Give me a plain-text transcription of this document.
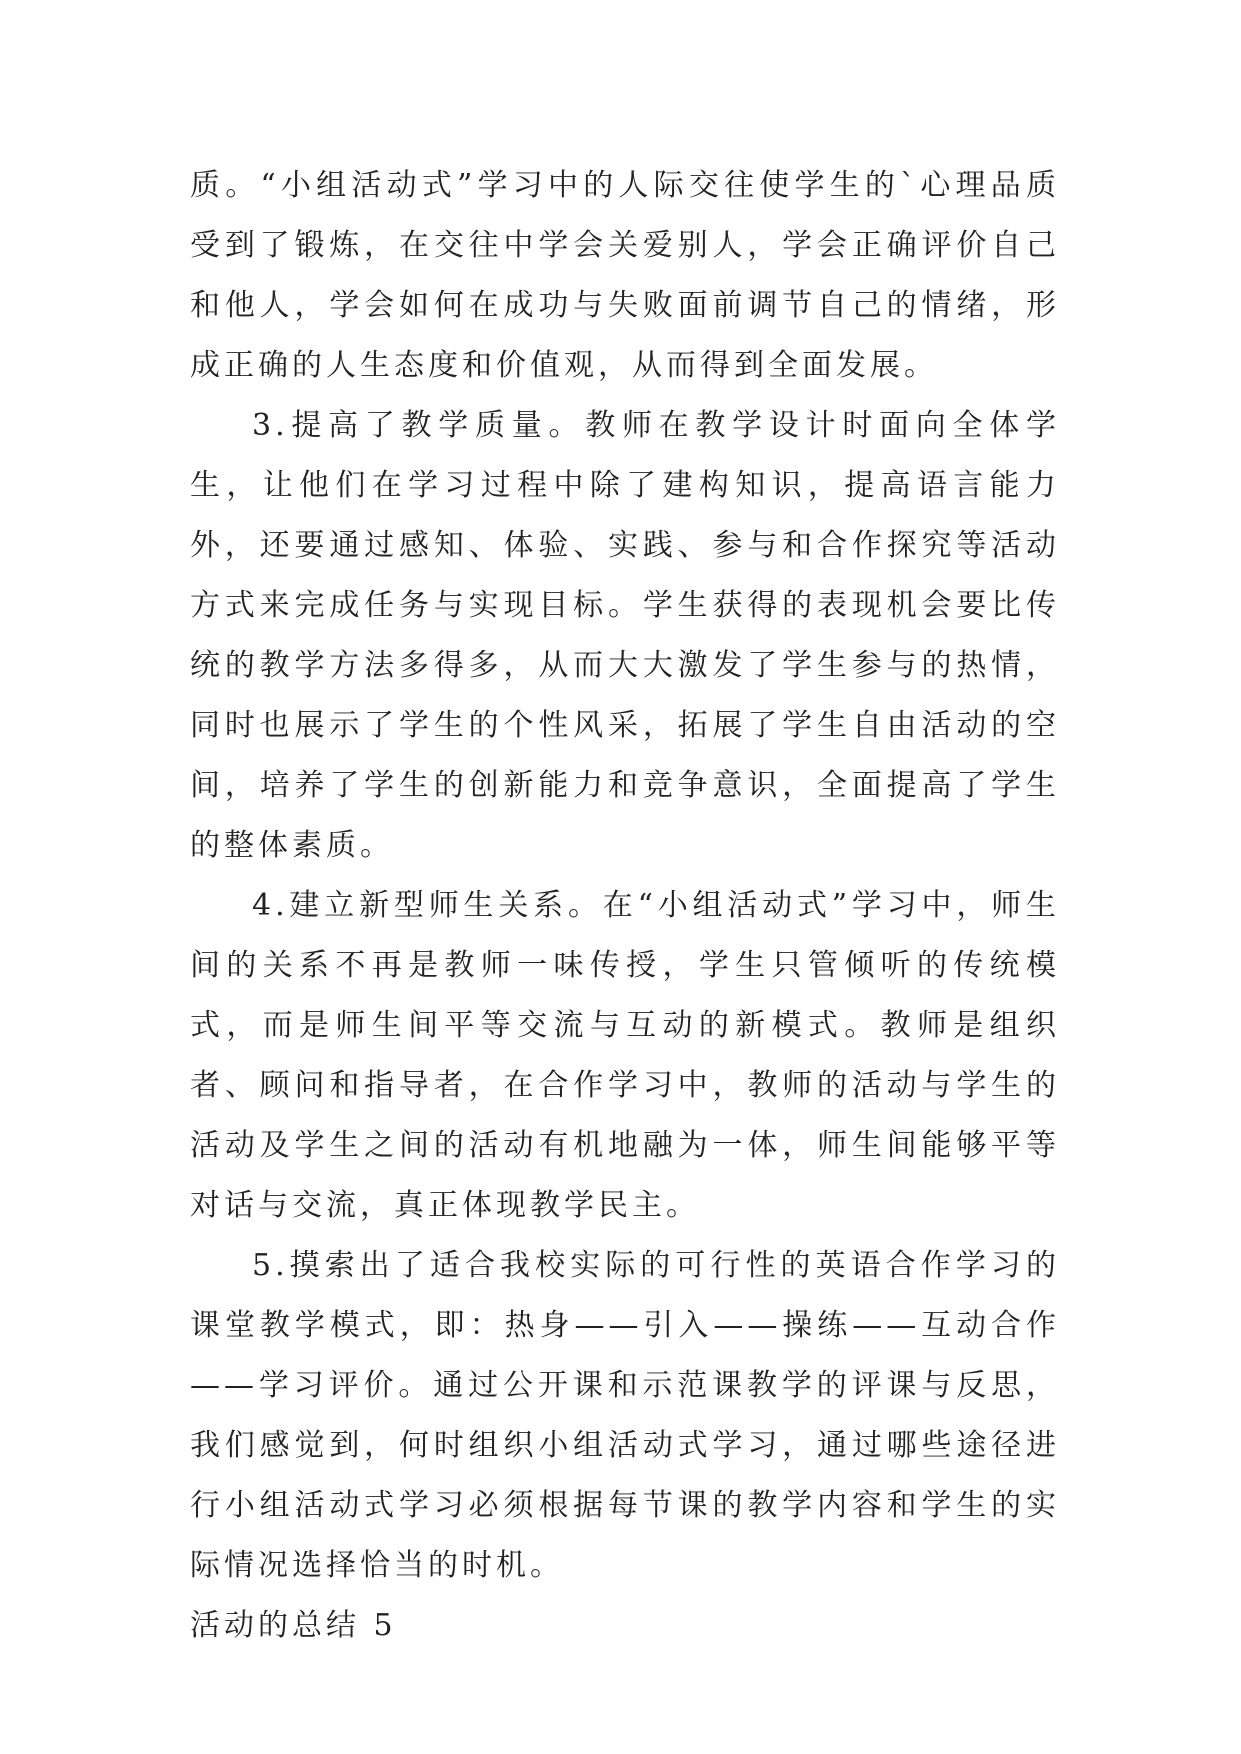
质。“小组活动式”学习中的人际交往使学生的`心理品质受到了锻炼，在交往中学会关爱别人，学会正确评价自己和他人，学会如何在成功与失败面前调节自己的情绪，形成正确的人生态度和价值观，从而得到全面发展。

3.提高了教学质量。教师在教学设计时面向全体学生，让他们在学习过程中除了建构知识，提高语言能力外，还要通过感知、体验、实践、参与和合作探究等活动方式来完成任务与实现目标。学生获得的表现机会要比传统的教学方法多得多，从而大大激发了学生参与的热情，同时也展示了学生的个性风采，拓展了学生自由活动的空间，培养了学生的创新能力和竞争意识，全面提高了学生的整体素质。

4.建立新型师生关系。在“小组活动式”学习中，师生间的关系不再是教师一味传授，学生只管倾听的传统模式，而是师生间平等交流与互动的新模式。教师是组织者、顾问和指导者，在合作学习中，教师的活动与学生的活动及学生之间的活动有机地融为一体，师生间能够平等对话与交流，真正体现教学民主。

5.摸索出了适合我校实际的可行性的英语合作学习的课堂教学模式，即：热身——引入——操练——互动合作——学习评价。通过公开课和示范课教学的评课与反思，我们感觉到，何时组织小组活动式学习，通过哪些途径进行小组活动式学习必须根据每节课的教学内容和学生的实际情况选择恰当的时机。

活动的总结 5
